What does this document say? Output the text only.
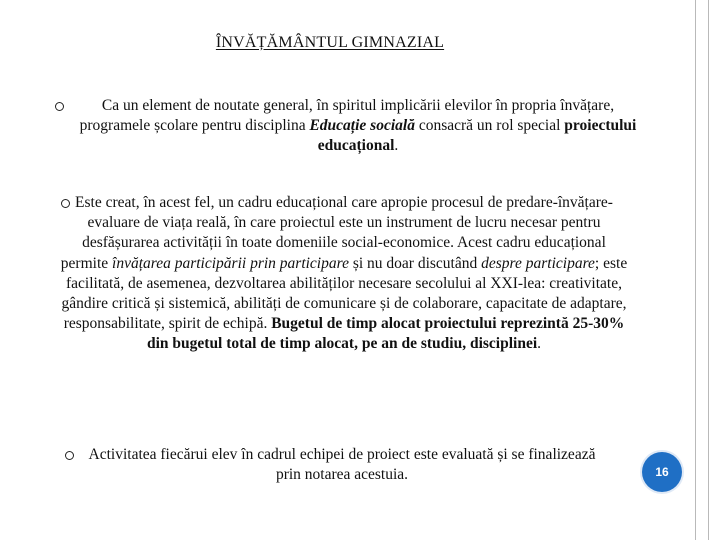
ÎNVĂȚĂMÂNTUL GIMNAZIAL
Ca un element de noutate general, în spiritul implicării elevilor în propria învățare, programele școlare pentru disciplina Educație socială consacră un rol special proiectului educațional.
Este creat, în acest fel, un cadru educațional care apropie procesul de predare-învățare-evaluare de viața reală, în care proiectul este un instrument de lucru necesar pentru desfășurarea activității în toate domeniile social-economice. Acest cadru educațional permite învățarea participării prin participare și nu doar discutând despre participare; este facilitată, de asemenea, dezvoltarea abilităților necesare secolului al XXI-lea: creativitate, gândire critică și sistemică, abilități de comunicare și de colaborare, capacitate de adaptare, responsabilitate, spirit de echipă. Bugetul de timp alocat proiectului reprezintă 25-30% din bugetul total de timp alocat, pe an de studiu, disciplinei.
Activitatea fiecărui elev în cadrul echipei de proiect este evaluată și se finalizează prin notarea acestuia.	16
